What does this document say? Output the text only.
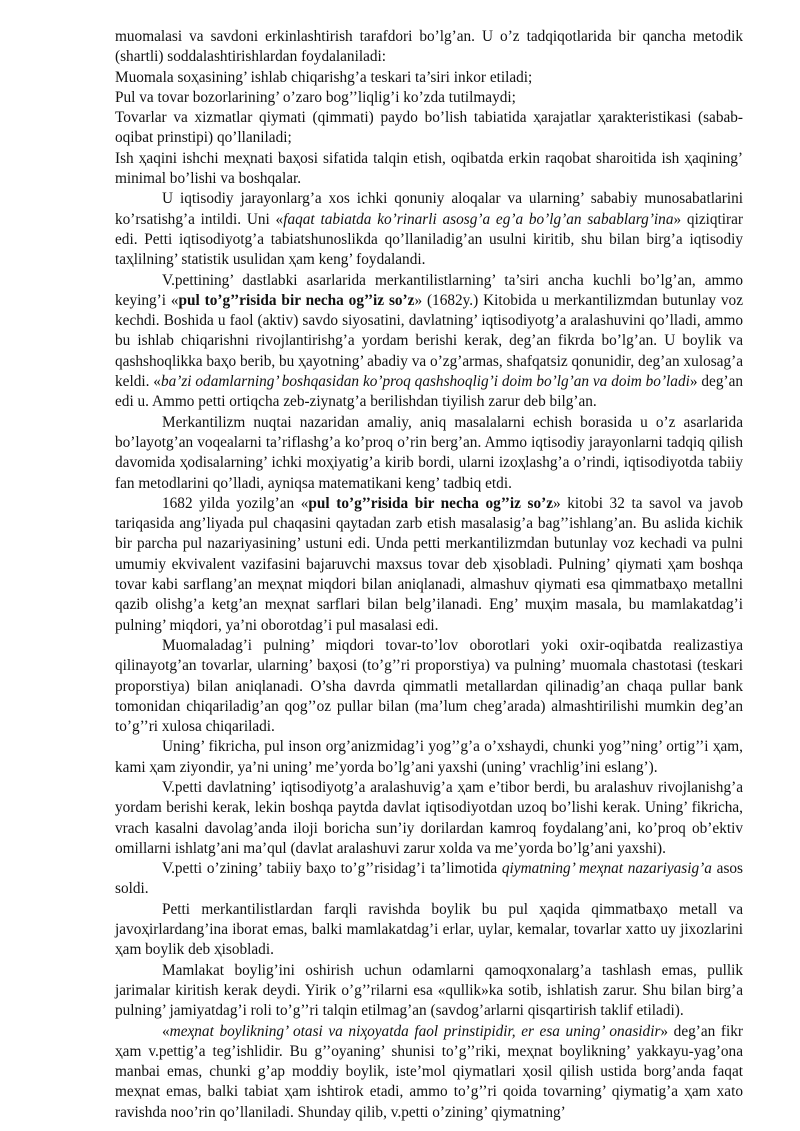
muomalasi va savdoni erkinlashtirish tarafdori bo’lg’an. U o’z tadqiqotlarida bir qancha metodik (shartli) soddalashtirishlardan foydalaniladi:

Muomala soҳasining’ ishlab chiqarishg’a teskari ta’siri inkor etiladi;

Pul va tovar bozorlarining’ o’zaro bog’’liqlig’i ko’zda tutilmaydi;

Tovarlar va xizmatlar qiymati (qimmati) paydo bo’lish tabiatida ҳarajatlar ҳarakteristikasi (sabab-oqibat prinstipi) qo’llaniladi;

Ish ҳaqini ishchi meҳnati baҳosi sifatida talqin etish, oqibatda erkin raqobat sharoitida ish ҳaqining’ minimal bo’lishi va boshqalar.

U iqtisodiy jarayonlarg’a xos ichki qonuniy aloqalar va ularning’ sababiy munosabatlarini ko’rsatishg’a intildi. Uni «faqat tabiatda ko’rinarli asosg’a eg’a bo’lg’an sabablarg’ina» qiziqtirar edi. Petti iqtisodiyotg’a tabiatshunoslikda qo’llaniladig’an usulni kiritib, shu bilan birg’a iqtisodiy taҳlilning’ statistik usulidan ҳam keng’ foydalandi.

V.pettining’ dastlabki asarlarida merkantilistlarning’ ta’siri ancha kuchli bo’lg’an, ammo keying’i «pul to’g’’risida bir necha og’’iz so’z» (1682y.) Kitobida u merkantilizmdan butunlay voz kechdi. Boshida u faol (aktiv) savdo siyosatini, davlatning’ iqtisodiyotg’a aralashuvini qo’lladi, ammo bu ishlab chiqarishni rivojlantirishg’a yordam berishi kerak, deg’an fikrda bo’lg’an. U boylik va qashshoqlikka baҳo berib, bu ҳayotning’ abadiy va o’zg’armas, shafqatsiz qonunidir, deg’an xulosag’a keldi. «ba’zi odamlarning’ boshqasidan ko’proq qashshoqlig’i doim bo’lg’an va doim bo’ladi» deg’an edi u. Ammo petti ortiqcha zeb-ziynatg’a berilishdan tiyilish zarur deb bilg’an.

Merkantilizm nuqtai nazaridan amaliy, aniq masalalarni echish borasida u o’z asarlarida bo’layotg’an voqealarni ta’riflashg’a ko’proq o’rin berg’an. Ammo iqtisodiy jarayonlarni tadqiq qilish davomida ҳodisalarning’ ichki moҳiyatig’a kirib bordi, ularni izoҳlashg’a o’rindi, iqtisodiyotda tabiiy fan metodlarini qo’lladi, ayniqsa matematikani keng’ tadbiq etdi.

1682 yilda yozilg’an «pul to’g’’risida bir necha og’’iz so’z» kitobi 32 ta savol va javob tariqasida ang’liyada pul chaqasini qaytadan zarb etish masalasig’a bag’’ishlang’an. Bu aslida kichik bir parcha pul nazariyasining’ ustuni edi. Unda petti merkantilizmdan butunlay voz kechadi va pulni umumiy ekvivalent vazifasini bajaruvchi maxsus tovar deb ҳisobladi. Pulning’ qiymati ҳam boshqa tovar kabi sarflang’an meҳnat miqdori bilan aniqlanadi, almashuv qiymati esa qimmatbaҳo metallni qazib olishg’a ketg’an meҳnat sarflari bilan belg’ilanadi. Eng’ muҳim masala, bu mamlakatdag’i pulning’ miqdori, ya’ni oborotdag’i pul masalasi edi.

Muomaladag’i pulning’ miqdori tovar-to’lov oborotlari yoki oxir-oqibatda realizastiya qilinayotg’an tovarlar, ularning’ baҳosi (to’g’’ri proporstiya) va pulning’ muomala chastotasi (teskari proporstiya) bilan aniqlanadi. O’sha davrda qimmatli metallardan qilinadig’an chaqa pullar bank tomonidan chiqariladig’an qog’’oz pullar bilan (ma’lum cheg’arada) almashtirilishi mumkin deg’an to’g’’ri xulosa chiqariladi.

Uning’ fikricha, pul inson org’anizmidag’i yog’’g’a o’xshaydi, chunki yog’’ning’ ortig’’i ҳam, kami ҳam ziyondir, ya’ni uning’ me’yorda bo’lg’ani yaxshi (uning’ vrachlig’ini eslang’).

V.petti davlatning’ iqtisodiyotg’a aralashuvig’a ҳam e’tibor berdi, bu aralashuv rivojlanishg’a yordam berishi kerak, lekin boshqa paytda davlat iqtisodiyotdan uzoq bo’lishi kerak. Uning’ fikricha, vrach kasalni davolag’anda iloji boricha sun’iy dorilardan kamroq foydalang’ani, ko’proq ob’ektiv omillarni ishlatg’ani ma’qul (davlat aralashuvi zarur xolda va me’yorda bo’lg’ani yaxshi).

V.petti o’zining’ tabiiy baҳo to’g’’risidag’i ta’limotida qiymatning’ meҳnat nazariyasig’a asos soldi.

Petti merkantilistlardan farqli ravishda boylik bu pul ҳaqida qimmatbaҳo metall va javoҳirlardang’ina iborat emas, balki mamlakatdag’i erlar, uylar, kemalar, tovarlar xatto uy jixozlarini ҳam boylik deb ҳisobladi.

Mamlakat boylig’ini oshirish uchun odamlarni qamoqxonalarg’a tashlash emas, pullik jarimalar kiritish kerak deydi. Yirik o’g’’rilarni esa «qullik»ka sotib, ishlatish zarur. Shu bilan birg’a pulning’ jamiyatdag’i roli to’g’’ri talqin etilmag’an (savdog’arlarni qisqartirish taklif etiladi).

«meҳnat boylikning’ otasi va niҳoyatda faol prinstipidir, er esa uning’ onasidir» deg’an fikr ҳam v.pettig’a teg’ishlidir. Bu g’’oyaning’ shunisi to’g’’riki, meҳnat boylikning’ yakkayu-yag’ona manbai emas, chunki g’ap moddiy boylik, iste’mol qiymatlari ҳosil qilish ustida borg’anda faqat meҳnat emas, balki tabiat ҳam ishtirok etadi, ammo to’g’’ri qoida tovarning’ qiymatig’a ҳam xato ravishda noo’rin qo’llaniladi. Shunday qilib, v.petti o’zining’ qiymatning’
